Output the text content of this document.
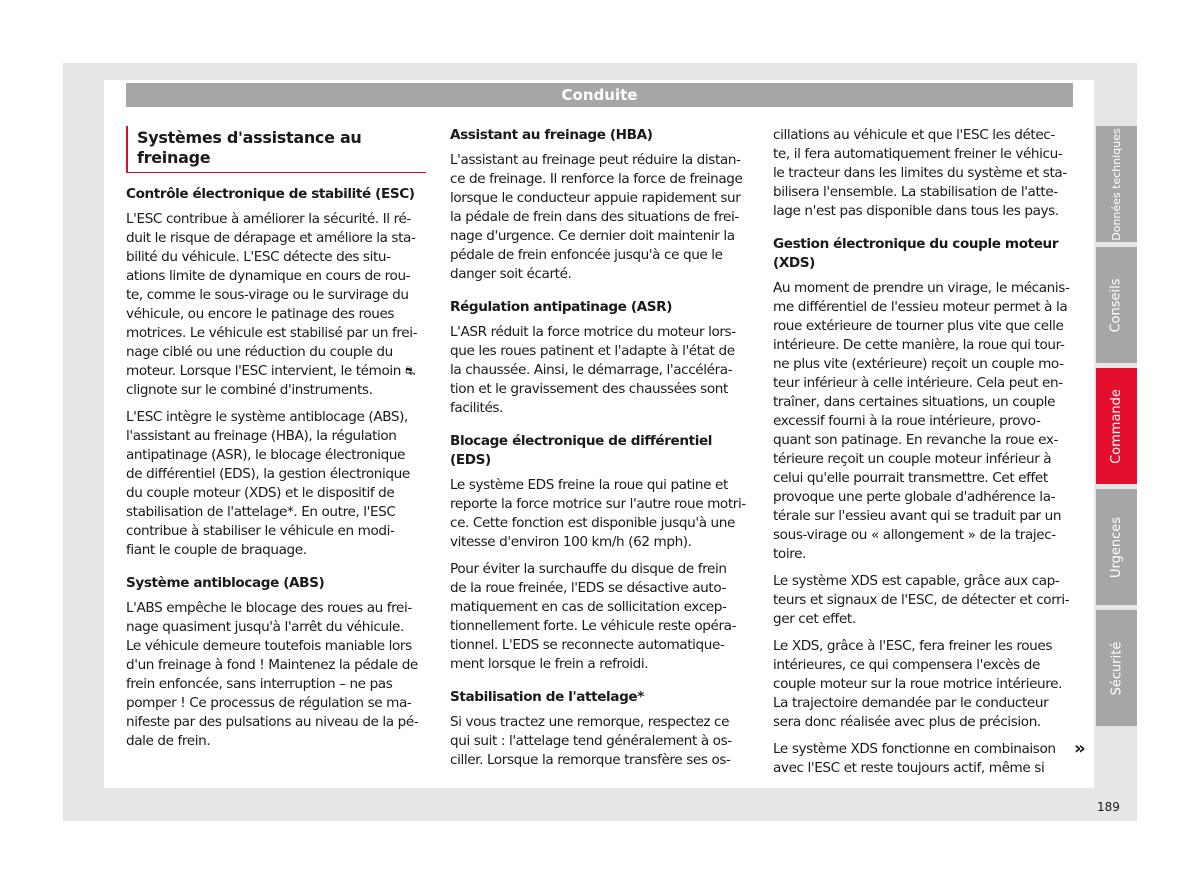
Conduite
Systèmes d'assistance au freinage
Contrôle électronique de stabilité (ESC)

L'ESC contribue à améliorer la sécurité. Il ré-
duit le risque de dérapage et améliore la sta-
bilité du véhicule. L'ESC détecte des situ-
ations limite de dynamique en cours de rou-
te, comme le sous-virage ou le survirage du
véhicule, ou encore le patinage des roues
motrices. Le véhicule est stabilisé par un frei-
nage ciblé ou une réduction du couple du
moteur. Lorsque l'ESC intervient, le témoin ⛐
clignote sur le combiné d'instruments.

L'ESC intègre le système antiblocage (ABS),
l'assistant au freinage (HBA), la régulation
antipatinage (ASR), le blocage électronique
de différentiel (EDS), la gestion électronique
du couple moteur (XDS) et le dispositif de
stabilisation de l'attelage*. En outre, l'ESC
contribue à stabiliser le véhicule en modi-
fiant le couple de braquage.

Système antiblocage (ABS)

L'ABS empêche le blocage des roues au frei-
nage quasiment jusqu'à l'arrêt du véhicule.
Le véhicule demeure toutefois maniable lors
d'un freinage à fond ! Maintenez la pédale de
frein enfoncée, sans interruption – ne pas
pomper ! Ce processus de régulation se ma-
nifeste par des pulsations au niveau de la pé-
dale de frein.

Assistant au freinage (HBA)

L'assistant au freinage peut réduire la distan-
ce de freinage. Il renforce la force de freinage
lorsque le conducteur appuie rapidement sur
la pédale de frein dans des situations de frei-
nage d'urgence. Ce dernier doit maintenir la
pédale de frein enfoncée jusqu'à ce que le
danger soit écarté.

Régulation antipatinage (ASR)

L'ASR réduit la force motrice du moteur lors-
que les roues patinent et l'adapte à l'état de
la chaussée. Ainsi, le démarrage, l'accéléra-
tion et le gravissement des chaussées sont
facilités.

Blocage électronique de différentiel (EDS)

Le système EDS freine la roue qui patine et
reporte la force motrice sur l'autre roue motri-
ce. Cette fonction est disponible jusqu'à une
vitesse d'environ 100 km/h (62 mph).

Pour éviter la surchauffe du disque de frein
de la roue freinée, l'EDS se désactive auto-
matiquement en cas de sollicitation excep-
tionnellement forte. Le véhicule reste opéra-
tionnel. L'EDS se reconnecte automatique-
ment lorsque le frein a refroidi.

Stabilisation de l'attelage*

Si vous tractez une remorque, respectez ce
qui suit : l'attelage tend généralement à os-
ciller. Lorsque la remorque transfère ses os-

cillations au véhicule et que l'ESC les détec-
te, il fera automatiquement freiner le véhicu-
le tracteur dans les limites du système et sta-
bilisera l'ensemble. La stabilisation de l'atte-
lage n'est pas disponible dans tous les pays.

Gestion électronique du couple moteur (XDS)

Au moment de prendre un virage, le mécanis-
me différentiel de l'essieu moteur permet à la
roue extérieure de tourner plus vite que celle
intérieure. De cette manière, la roue qui tour-
ne plus vite (extérieure) reçoit un couple mo-
teur inférieur à celle intérieure. Cela peut en-
traîner, dans certaines situations, un couple
excessif fourni à la roue intérieure, provo-
quant son patinage. En revanche la roue ex-
térieure reçoit un couple moteur inférieur à
celui qu'elle pourrait transmettre. Cet effet
provoque une perte globale d'adhérence la-
térale sur l'essieu avant qui se traduit par un
sous-virage ou « allongement » de la trajec-
toire.

Le système XDS est capable, grâce aux cap-
teurs et signaux de l'ESC, de détecter et corri-
ger cet effet.

Le XDS, grâce à l'ESC, fera freiner les roues
intérieures, ce qui compensera l'excès de
couple moteur sur la roue motrice intérieure.
La trajectoire demandée par le conducteur
sera donc réalisée avec plus de précision.

Le système XDS fonctionne en combinaison
avec l'ESC et reste toujours actif, même si

»
Données techniques
Conseils
Commande
Urgences
Sécurité
189
